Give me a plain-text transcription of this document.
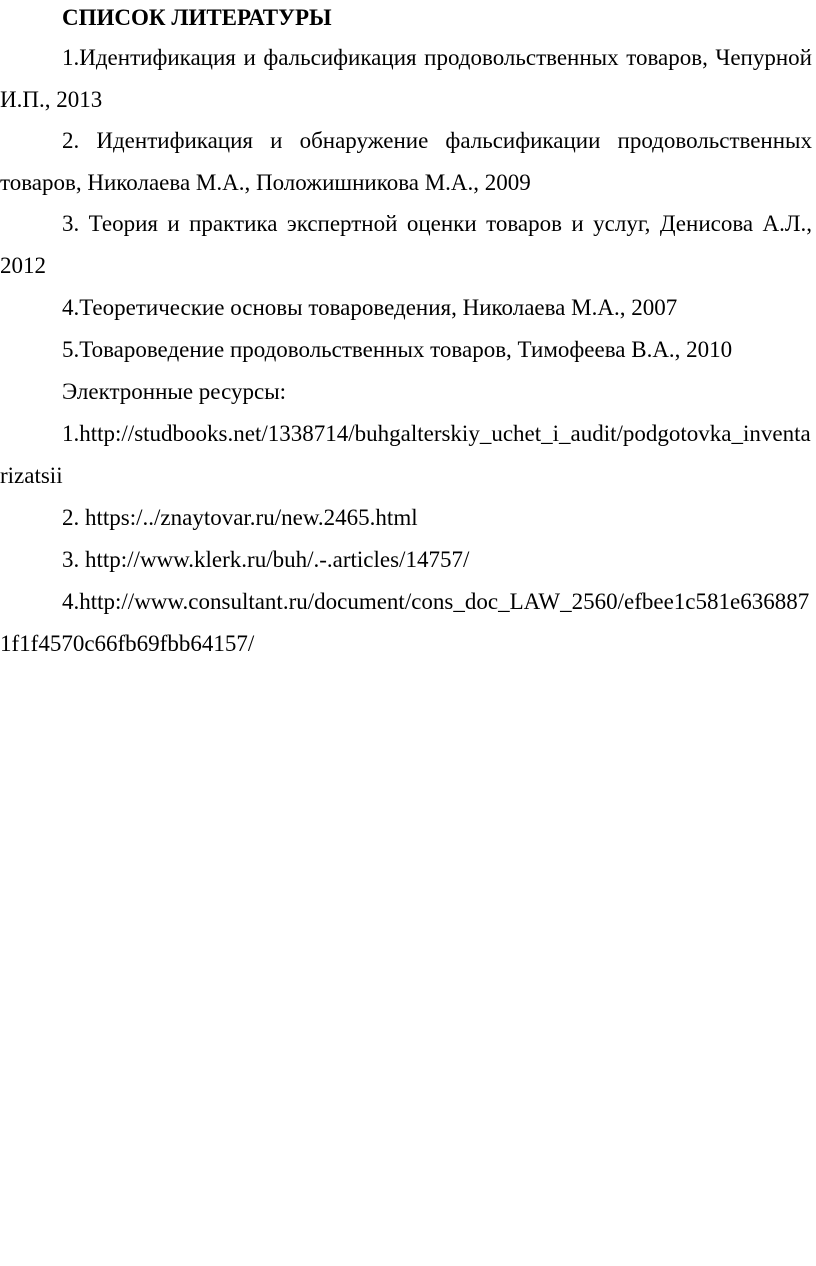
СПИСОК ЛИТЕРАТУРЫ

1.Идентификация и фальсификация продовольственных товаров, Чепурной И.П., 2013

2. Идентификация и обнаружение фальсификации продовольственных товаров, Николаева М.А., Положишникова М.А., 2009

3. Теория и практика экспертной оценки товаров и услуг, Денисова А.Л., 2012

4.Теоретические основы товароведения, Николаева М.А., 2007

5.Товароведение продовольственных товаров, Тимофеева В.А., 2010

Электронные ресурсы:

1.http://studbooks.net/1338714/buhgalterskiy_uchet_i_audit/podgotovka_inventarizatsii

2. https:/../znaytovar.ru/new.2465.html

3. http://www.klerk.ru/buh/.-.articles/14757/

4.http://www.consultant.ru/document/cons_doc_LAW_2560/efbee1c581e6368871f1f4570c66fb69fbb64157/
